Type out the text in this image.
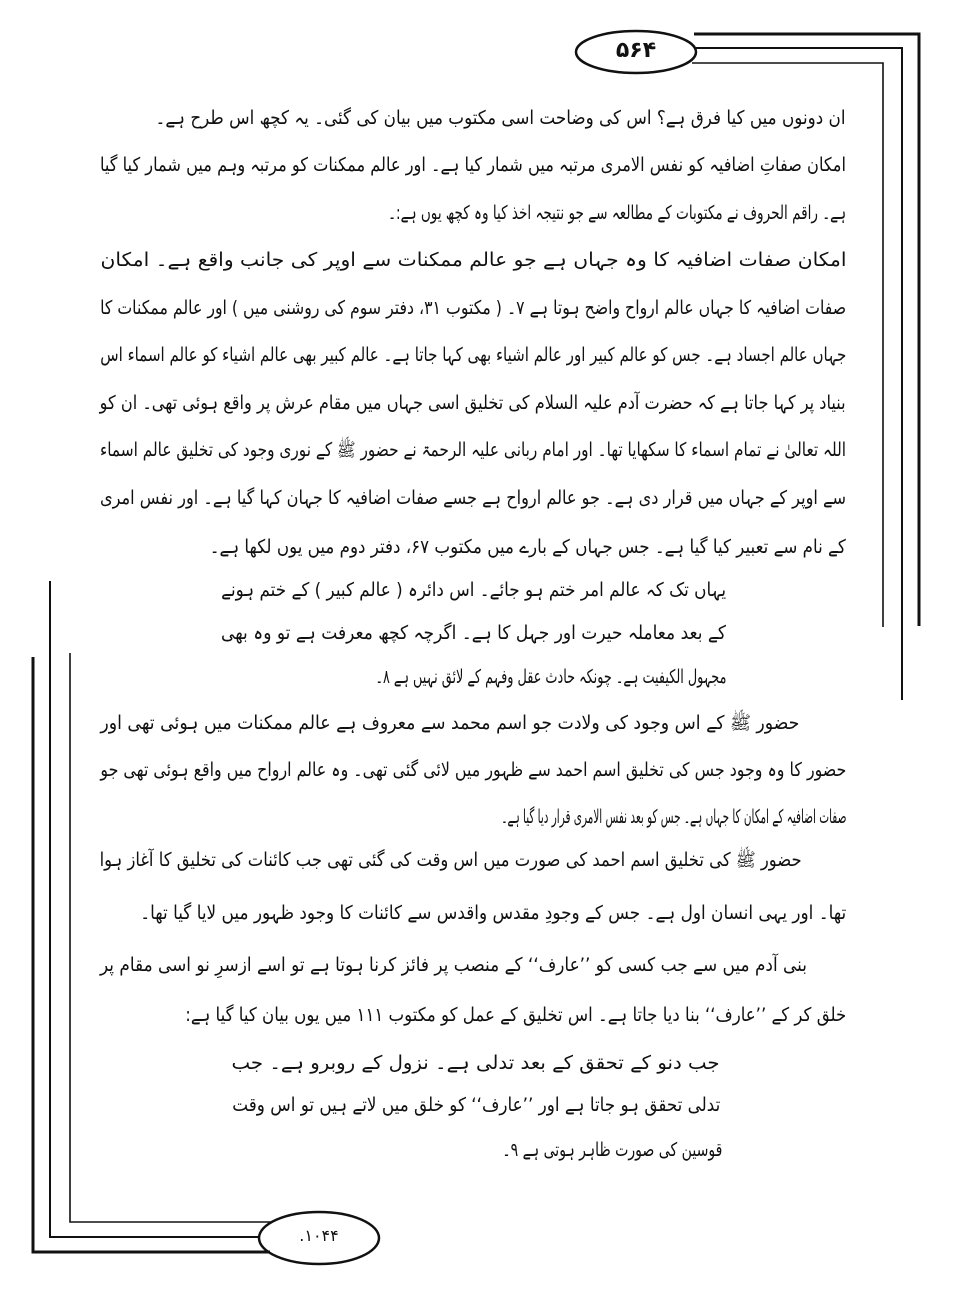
۵۶۴
۱۰۴۴.
ان دونوں میں کیا فرق ہے؟ اس کی وضاحت اسی مکتوب میں بیان کی گئی۔ یہ کچھ اس طرح ہے۔
امکان صفاتِ اضافیہ کو نفس الامری مرتبہ میں شمار کیا ہے۔ اور عالم ممکنات کو مرتبہ وہم میں شمار کیا گیا
ہے۔ راقم الحروف نے مکتوبات کے مطالعہ سے جو نتیجہ اخذ کیا وہ کچھ یوں ہے:۔
امکان صفات اضافیہ کا وہ جہاں ہے جو عالم ممکنات سے اوپر کی جانب واقع ہے۔ امکان
صفات اضافیہ کا جہاں عالم ارواح واضح ہوتا ہے ۷۔ ( مکتوب ۳۱، دفتر سوم کی روشنی میں ) اور عالم ممکنات کا
جہاں عالم اجساد ہے۔ جس کو عالم کبیر اور عالم اشیاء بھی کہا جاتا ہے۔ عالم کبیر بھی عالم اشیاء کو عالم اسماء اس
بنیاد پر کہا جاتا ہے کہ حضرت آدم علیہ السلام کی تخلیق اسی جہاں میں مقام عرش پر واقع ہوئی تھی۔ ان کو
اللہ تعالیٰ نے تمام اسماء کا سکھایا تھا۔ اور امام ربانی علیہ الرحمۃ نے حضور ﷺ کے نوری وجود کی تخلیق عالم اسماء
سے اوپر کے جہاں میں قرار دی ہے۔ جو عالم ارواح ہے جسے صفات اضافیہ کا جہان کہا گیا ہے۔ اور نفس امری
کے نام سے تعبیر کیا گیا ہے۔ جس جہاں کے بارے میں مکتوب ۶۷، دفتر دوم میں یوں لکھا ہے۔
یہاں تک کہ عالم امر ختم ہو جائے۔ اس دائرہ ( عالم کبیر ) کے ختم ہونے
کے بعد معاملہ حیرت اور جہل کا ہے۔ اگرچہ کچھ معرفت ہے تو وہ بھی
مجہول الکیفیت ہے۔ چونکہ حادث عقل وفہم کے لائق نہیں ہے ۸۔
حضور ﷺ کے اس وجود کی ولادت جو اسم محمد سے معروف ہے عالم ممکنات میں ہوئی تھی اور
حضور کا وہ وجود جس کی تخلیق اسم احمد سے ظہور میں لائی گئی تھی۔ وہ عالم ارواح میں واقع ہوئی تھی جو
صفات اضافیہ کے امکان کا جہاں ہے۔ جس کو بعد نفس الامری قرار دیا گیا ہے۔
حضور ﷺ کی تخلیق اسم احمد کی صورت میں اس وقت کی گئی تھی جب کائنات کی تخلیق کا آغاز ہوا
تھا۔ اور یہی انسان اول ہے۔ جس کے وجودِ مقدس واقدس سے کائنات کا وجود ظہور میں لایا گیا تھا۔
بنی آدم میں سے جب کسی کو ’’عارف‘‘ کے منصب پر فائز کرنا ہوتا ہے تو اسے ازسرِ نو اسی مقام پر
خلق کر کے ’’عارف‘‘ بنا دیا جاتا ہے۔ اس تخلیق کے عمل کو مکتوب ۱۱۱ میں یوں بیان کیا گیا ہے:
جب دنو کے تحقق کے بعد تدلی ہے۔ نزول کے روبرو ہے۔ جب
تدلی تحقق ہو جاتا ہے اور ’’عارف‘‘ کو خلق میں لاتے ہیں تو اس وقت
قوسین کی صورت ظاہر ہوتی ہے ۹۔
